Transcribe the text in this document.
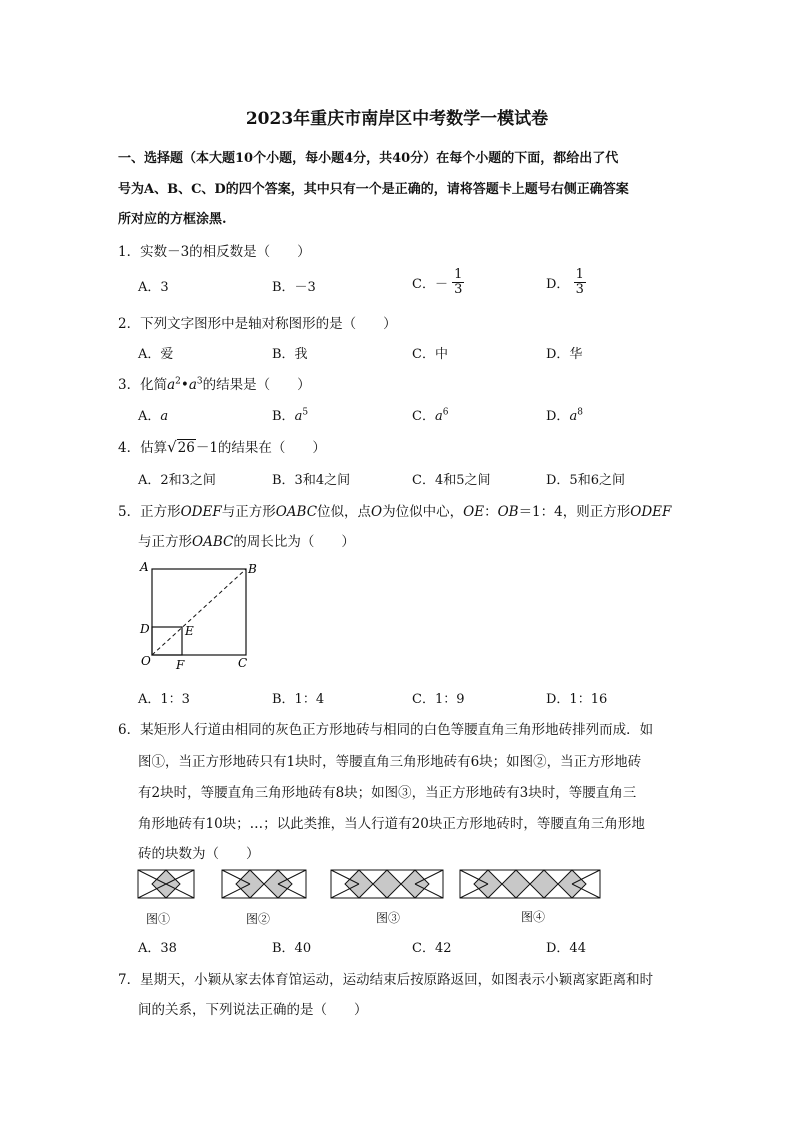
2023年重庆市南岸区中考数学一模试卷
一、选择题（本大题10个小题，每小题4分，共40分）在每个小题的下面，都给出了代
号为A、B、C、D的四个答案，其中只有一个是正确的，请将答题卡上题号右侧正确答案
所对应的方框涂黑.
1．实数－3的相反数是（　　）
A．3	B．－3	C．－ $\frac{1}{3}$	D． $\frac{1}{3}$
2．下列文字图形中是轴对称图形的是（　　）
A．爱	B．我	C．中	D．华
3．化简$a^2•a^3$的结果是（　　）
A．a	B．$a^5$	C．$a^6$	D．$a^8$
4．估算√26－1的结果在（　　）
A．2和3之间	B．3和4之间	C．4和5之间	D．5和6之间
5．正方形ODEF与正方形OABC位似，点O为位似中心，OE：OB＝1：4，则正方形ODEF
与正方形OABC的周长比为（　　）
A	B
C
D	E
F
O
A．1：3	B．1：4	C．1：9	D．1：16
6．某矩形人行道由相同的灰色正方形地砖与相同的白色等腰直角三角形地砖排列而成．如
图①，当正方形地砖只有1块时，等腰直角三角形地砖有6块；如图②，当正方形地砖
有2块时，等腰直角三角形地砖有8块；如图③，当正方形地砖有3块时，等腰直角三
角形地砖有10块；…；以此类推，当人行道有20块正方形地砖时，等腰直角三角形地
砖的块数为（　　）
图①	图②	图③	图④
A．38	B．40	C．42	D．44
7．星期天，小颖从家去体育馆运动，运动结束后按原路返回，如图表示小颖离家距离和时
间的关系，下列说法正确的是（　　）
